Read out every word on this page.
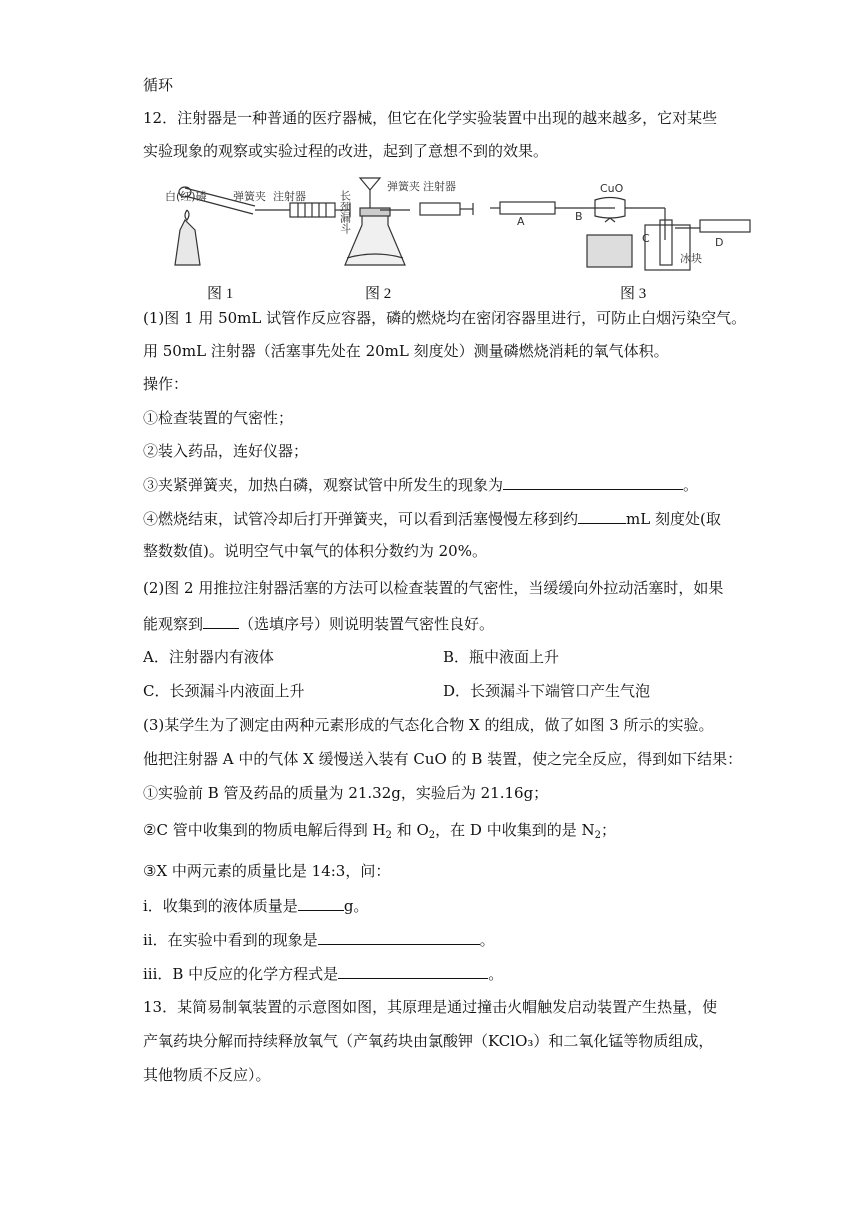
循环
12．注射器是一种普通的医疗器械，但它在化学实验装置中出现的越来越多，它对某些
实验现象的观察或实验过程的改进，起到了意想不到的效果。
白(红)磷 弹簧夹 注射器	长颈漏斗
弹簧夹 注射器
A	B
CuO
C	D
冰块
图 1	图 2	图 3
(1)图 1 用 50mL 试管作反应容器，磷的燃烧均在密闭容器里进行，可防止白烟污染空气。
用 50mL 注射器（活塞事先处在 20mL 刻度处）测量磷燃烧消耗的氧气体积。
操作：
①检查装置的气密性；
②装入药品，连好仪器；
③夹紧弹簧夹，加热白磷，观察试管中所发生的现象为	。
④燃烧结束，试管冷却后打开弹簧夹，可以看到活塞慢慢左移到约	mL 刻度处(取
整数数值)。说明空气中氧气的体积分数约为 20%。
(2)图 2 用推拉注射器活塞的方法可以检查装置的气密性，当缓缓向外拉动活塞时，如果
能观察到 （选填序号）则说明装置气密性良好。
A．注射器内有液体	B．瓶中液面上升
C．长颈漏斗内液面上升	D．长颈漏斗下端管口产生气泡
(3)某学生为了测定由两种元素形成的气态化合物 X 的组成，做了如图 3 所示的实验。
他把注射器 A 中的气体 X 缓慢送入装有 CuO 的 B 装置，使之完全反应，得到如下结果：
①实验前 B 管及药品的质量为 21.32g，实验后为 21.16g；
②C 管中收集到的物质电解后得到 $H_2$ 和 $O_2$，在 D 中收集到的是 $N_2$；
③X 中两元素的质量比是 14:3，问：
i．收集到的液体质量是	g。
ii．在实验中看到的现象是	。
iii．B 中反应的化学方程式是	。
13．某简易制氧装置的示意图如图，其原理是通过撞击火帽触发启动装置产生热量，使
产氧药块分解而持续释放氧气（产氧药块由氯酸钾（KClO₃）和二氧化锰等物质组成，
其他物质不反应）。
